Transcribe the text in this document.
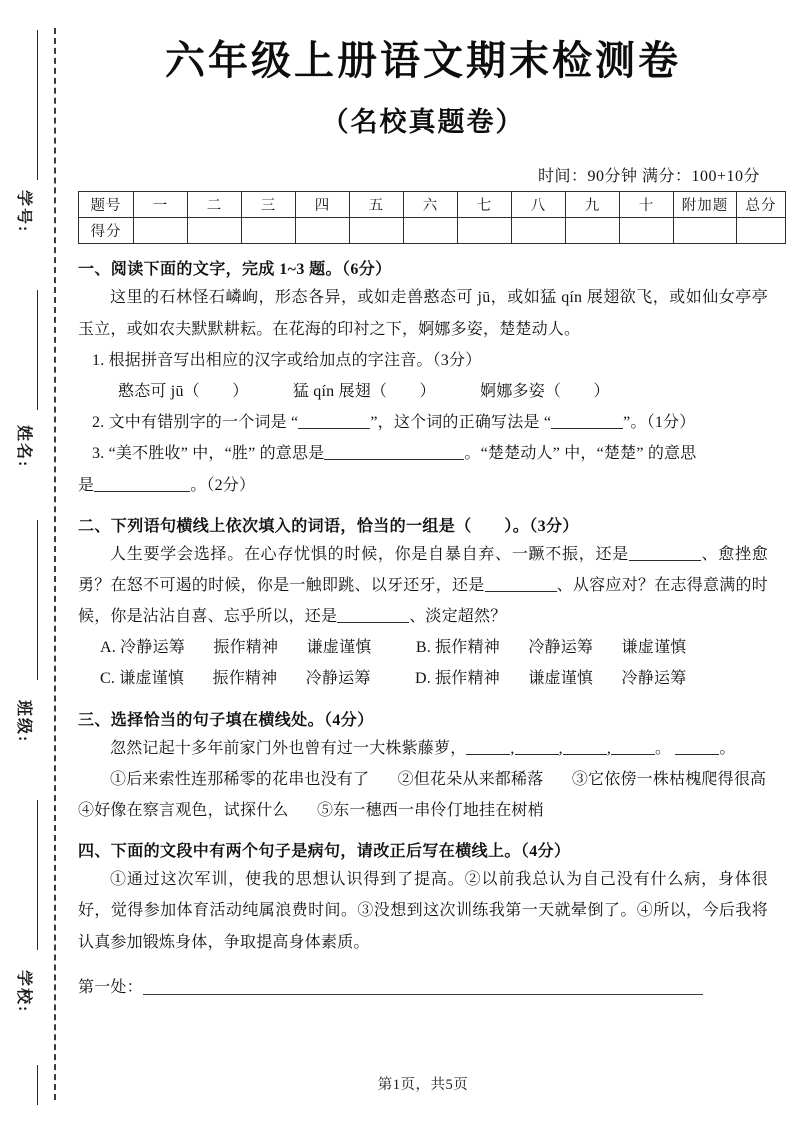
学号:
姓名:
班级:
学校:
六年级上册语文期末检测卷
（名校真题卷）
时间：90分钟 满分：100+10分
题号	一	二	三	四	五	六	七	八	九	十	附加题	总分
得分												
一、阅读下面的文字，完成 1~3 题。（6分）
这里的石林怪石嶙峋，形态各异，或如走兽憨态可 jū，或如猛 qín 展翅欲飞，或如仙女亭亭玉立，或如农夫默默耕耘。在花海的印衬之下，婀娜多姿，楚楚动人。
1. 根据拼音写出相应的汉字或给加点的字注音。（3分）
憨态可 jū（　　）	猛 qín 展翅（　　）	婀娜多姿（　　）
2. 文中有错别字的一个词是 “	”，这个词的正确写法是 “	”。（1分）
3. “美不胜收” 中，“胜” 的意思是	。“楚楚动人” 中，“楚楚” 的意思
是	。（2分）
二、下列语句横线上依次填入的词语，恰当的一组是（　　）。（3分）
人生要学会选择。在心存忧惧的时候，你是自暴自弃、一蹶不振，还是	、愈挫愈勇？在怒不可遏的时候，你是一触即跳、以牙还牙，还是	、从容应对？在志得意满的时候，你是沾沾自喜、忘乎所以，还是	、淡定超然？
A. 冷静运筹 振作精神 谦虚谨慎	B. 振作精神 冷静运筹 谦虚谨慎
C. 谦虚谨慎 振作精神 冷静运筹	D. 振作精神 谦虚谨慎 冷静运筹
三、选择恰当的句子填在横线处。（4分）
忽然记起十多年前家门外也曾有过一大株紫藤萝，	,	,	,	。	。
①后来索性连那稀零的花串也没有了 ②但花朵从来都稀落 ③它依傍一株枯槐爬得很高
④好像在察言观色，试探什么 ⑤东一穗西一串伶仃地挂在树梢
四、下面的文段中有两个句子是病句，请改正后写在横线上。（4分）
①通过这次军训，使我的思想认识得到了提高。②以前我总认为自己没有什么病，身体很好，觉得参加体育活动纯属浪费时间。③没想到这次训练我第一天就晕倒了。④所以，今后我将认真参加锻炼身体，争取提高身体素质。
第一处：
第1页，共5页
